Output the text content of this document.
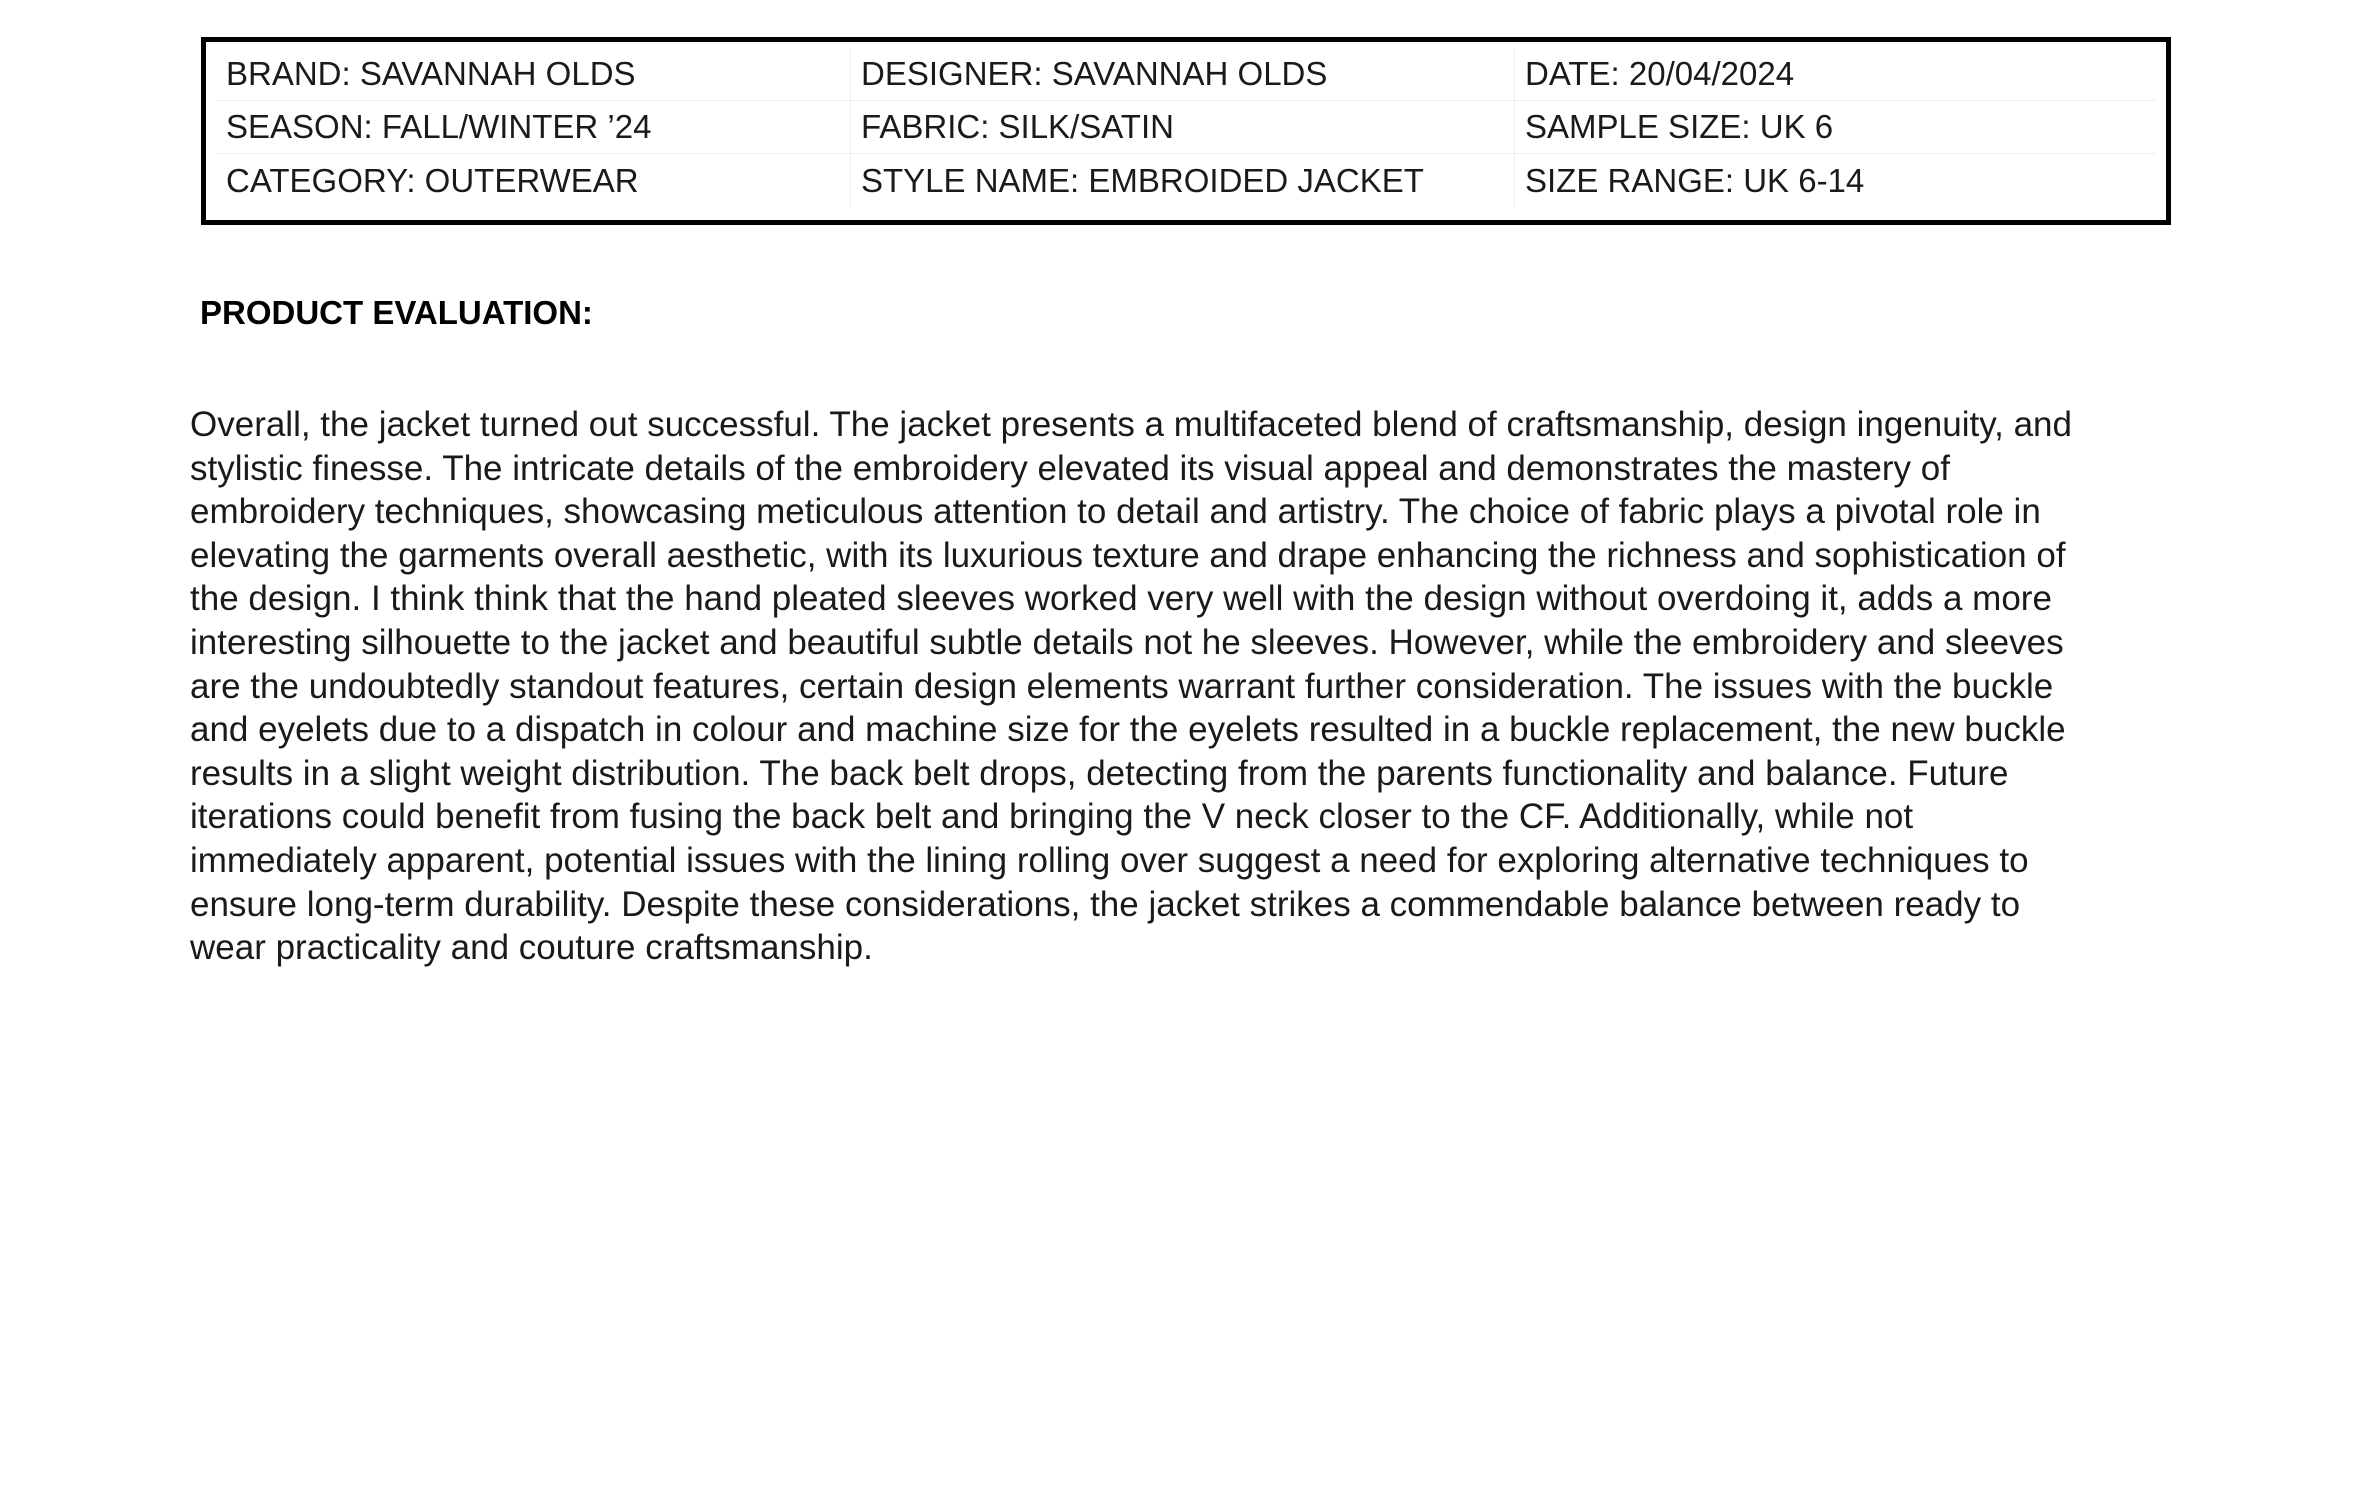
BRAND: SAVANNAH OLDS	DESIGNER: SAVANNAH OLDS	DATE: 20/04/2024
SEASON: FALL/WINTER ’24	FABRIC: SILK/SATIN	SAMPLE SIZE: UK 6
CATEGORY: OUTERWEAR	STYLE NAME: EMBROIDED JACKET	SIZE RANGE: UK 6-14
PRODUCT EVALUATION:

Overall, the jacket turned out successful. The jacket presents a multifaceted blend of craftsmanship, design ingenuity, and stylistic finesse. The intricate details of the embroidery elevated its visual appeal and demonstrates the mastery of embroidery techniques, showcasing meticulous attention to detail and artistry. The choice of fabric plays a pivotal role in elevating the garments overall aesthetic, with its luxurious texture and drape enhancing the richness and sophistication of the design. I think think that the hand pleated sleeves worked very well with the design without overdoing it, adds a more interesting silhouette to the jacket and beautiful subtle details not he sleeves. However, while the embroidery and sleeves are the undoubtedly standout features, certain design elements warrant further consideration. The issues with the buckle and eyelets due to a dispatch in colour and machine size for the eyelets resulted in a buckle replacement, the new buckle results in a slight weight distribution. The back belt drops, detecting from the parents functionality and balance. Future iterations could benefit from fusing the back belt and bringing the V neck closer to the CF. Additionally, while not immediately apparent, potential issues with the lining rolling over suggest a need for exploring alternative techniques to ensure long-term durability. Despite these considerations, the jacket strikes a commendable balance between ready to wear practicality and couture craftsmanship.
